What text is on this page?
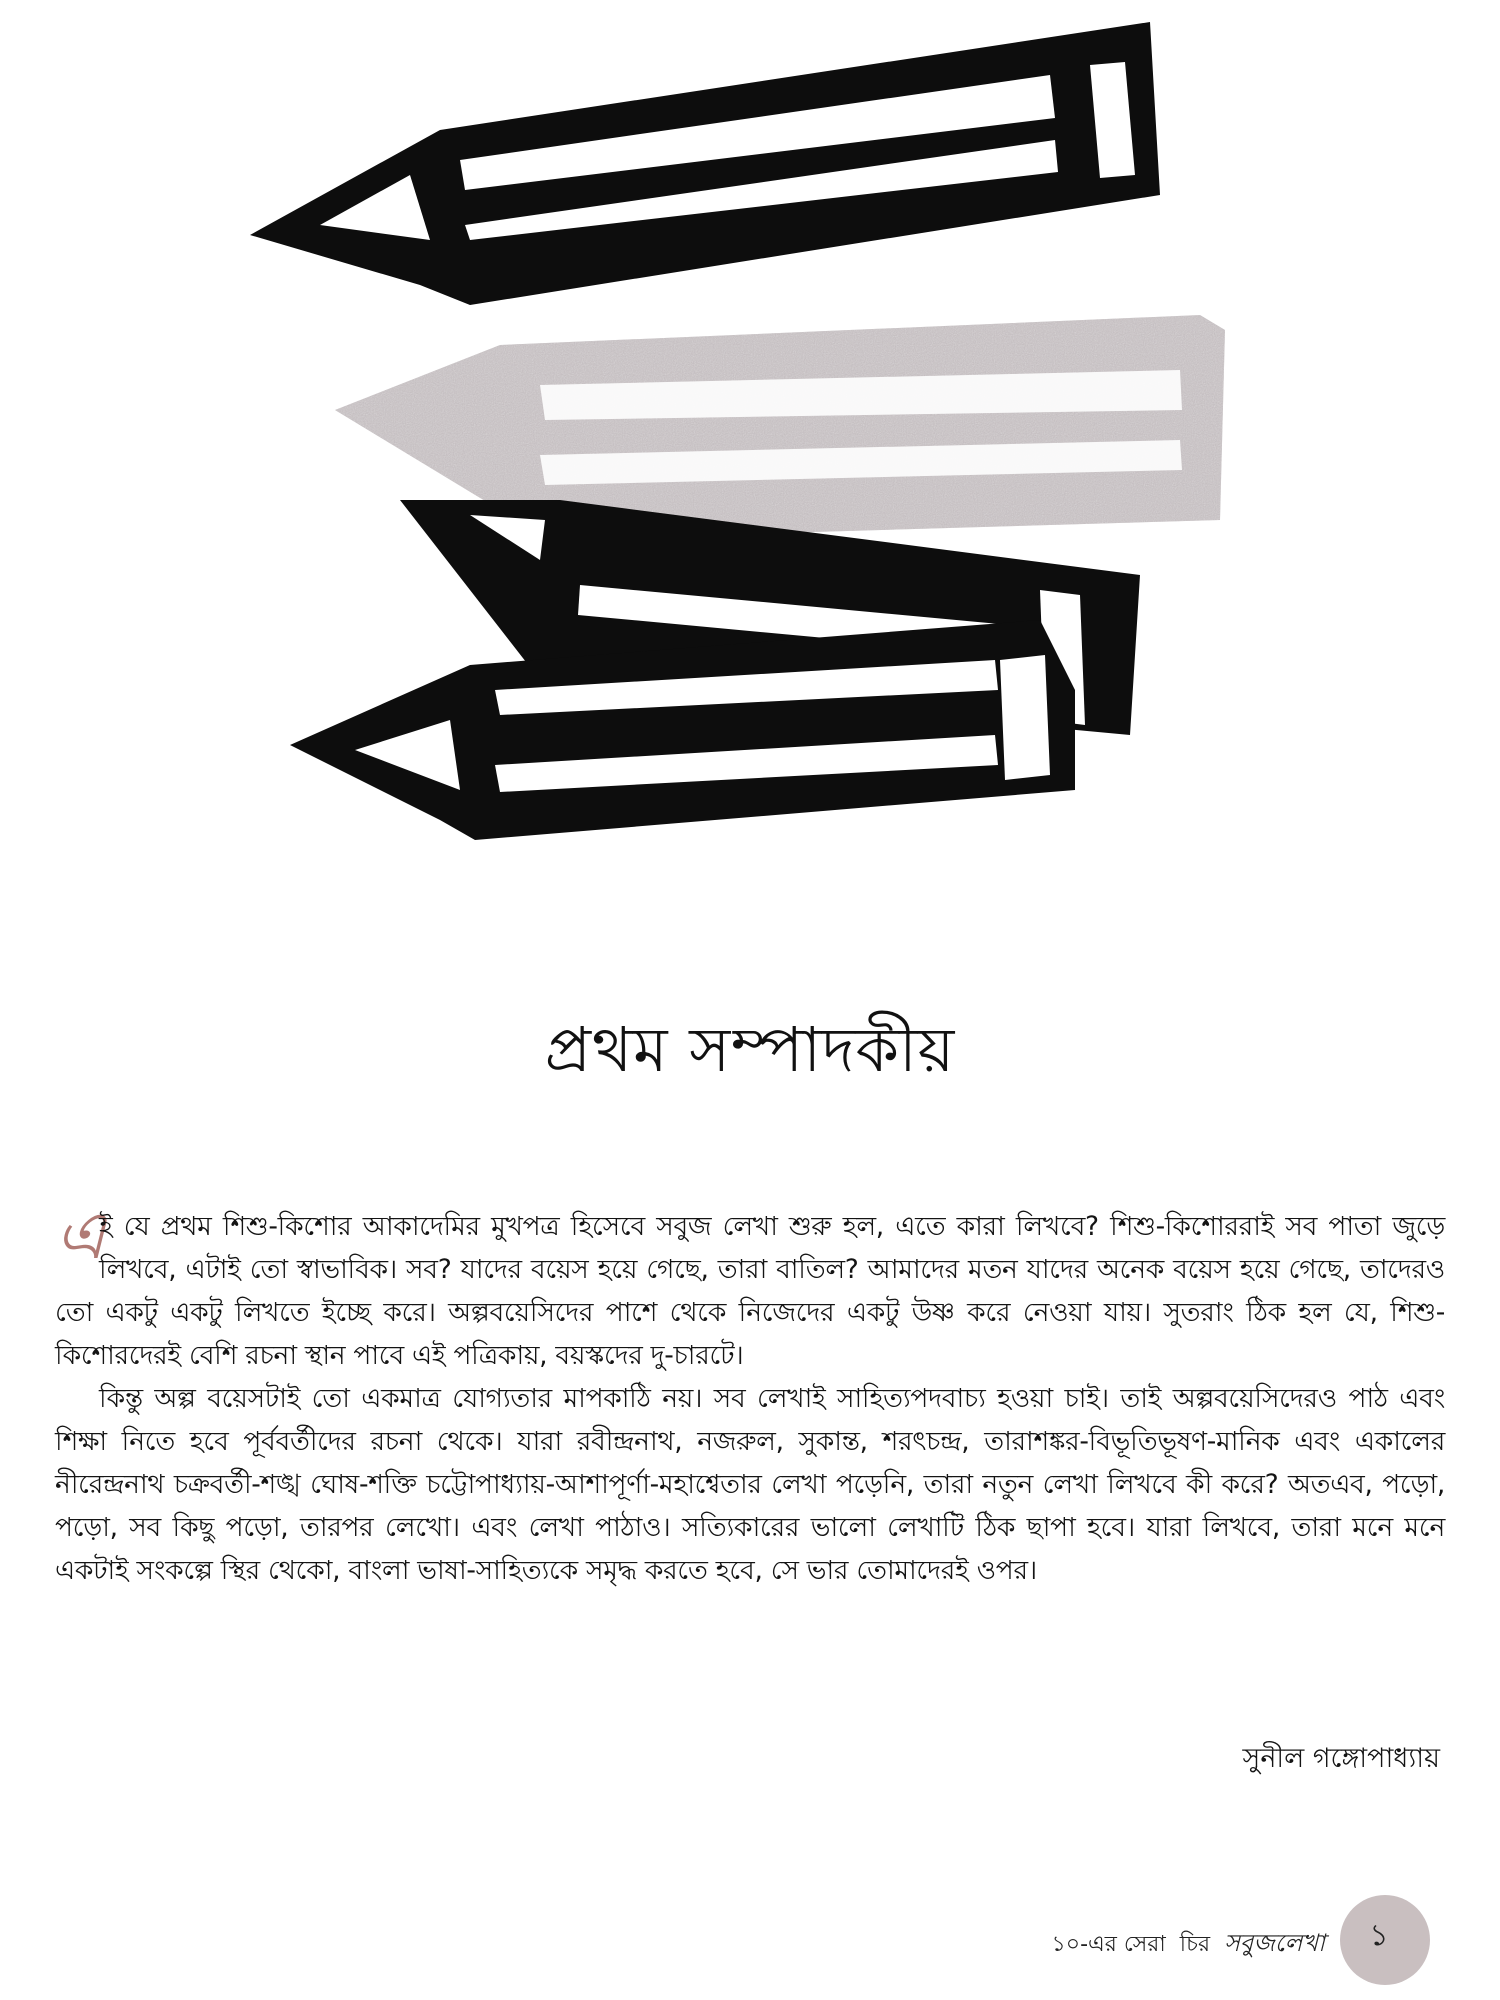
প্রথম সম্পাদকীয়

এ
ই যে প্রথম শিশু-কিশোর আকাদেমির মুখপত্র হিসেবে সবুজ লেখা শুরু হল, এতে কারা লিখবে? শিশু-কিশোররাই সব পাতা জুড়ে লিখবে, এটাই তো স্বাভাবিক। সব? যাদের বয়েস হয়ে গেছে, তারা বাতিল? আমাদের মতন যাদের অনেক বয়েস হয়ে গেছে, তাদেরও তো একটু একটু লিখতে ইচ্ছে করে। অল্পবয়েসিদের পাশে থেকে নিজেদের একটু উষ্ণ করে নেওয়া যায়। সুতরাং ঠিক হল যে, শিশু-কিশোরদেরই বেশি রচনা স্থান পাবে এই পত্রিকায়, বয়স্কদের দু-চারটে।

কিন্তু অল্প বয়েসটাই তো একমাত্র যোগ্যতার মাপকাঠি নয়। সব লেখাই সাহিত্যপদবাচ্য হওয়া চাই। তাই অল্পবয়েসিদেরও পাঠ এবং শিক্ষা নিতে হবে পূর্ববর্তীদের রচনা থেকে। যারা রবীন্দ্রনাথ, নজরুল, সুকান্ত, শরৎচন্দ্র, তারাশঙ্কর-বিভূতিভূষণ-মানিক এবং একালের নীরেন্দ্রনাথ চক্রবর্তী-শঙ্খ ঘোষ-শক্তি চট্টোপাধ্যায়-আশাপূর্ণা-মহাশ্বেতার লেখা পড়েনি, তারা নতুন লেখা লিখবে কী করে? অতএব, পড়ো, পড়ো, সব কিছু পড়ো, তারপর লেখো। এবং লেখা পাঠাও। সত্যিকারের ভালো লেখাটি ঠিক ছাপা হবে। যারা লিখবে, তারা মনে মনে একটাই সংকল্পে স্থির থেকো, বাংলা ভাষা-সাহিত্যকে সমৃদ্ধ করতে হবে, সে ভার তোমাদেরই ওপর।

সুনীল গঙ্গোপাধ্যায়
১০-এর সেরা চির সবুজলেখা ১
